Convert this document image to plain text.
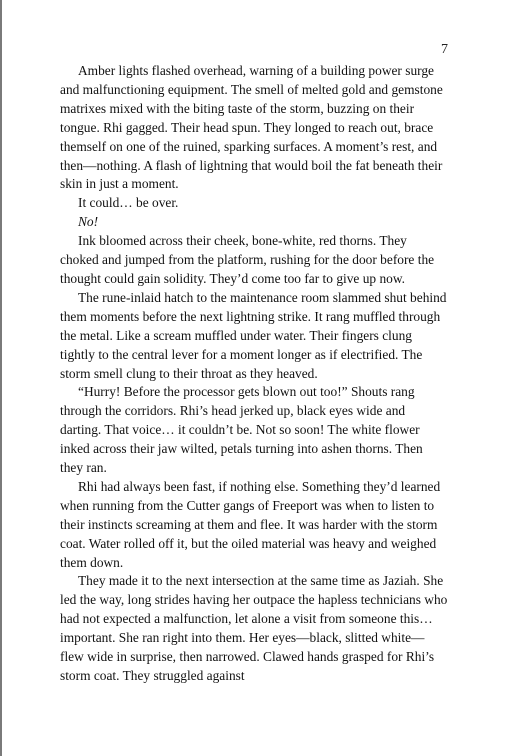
7

Amber lights flashed overhead, warning of a building power surge and malfunctioning equipment. The smell of melted gold and gemstone matrixes mixed with the biting taste of the storm, buzzing on their tongue. Rhi gagged. Their head spun. They longed to reach out, brace themself on one of the ruined, sparking surfaces. A moment’s rest, and then—nothing. A flash of lightning that would boil the fat beneath their skin in just a moment.

It could… be over.

No!

Ink bloomed across their cheek, bone-white, red thorns. They choked and jumped from the platform, rushing for the door before the thought could gain solidity. They’d come too far to give up now.

The rune-inlaid hatch to the maintenance room slammed shut behind them moments before the next lightning strike. It rang muffled through the metal. Like a scream muffled under water. Their fingers clung tightly to the central lever for a moment longer as if electrified. The storm smell clung to their throat as they heaved.

“Hurry! Before the processor gets blown out too!” Shouts rang through the corridors. Rhi’s head jerked up, black eyes wide and darting. That voice… it couldn’t be. Not so soon! The white flower inked across their jaw wilted, petals turning into ashen thorns. Then they ran.

Rhi had always been fast, if nothing else. Something they’d learned when running from the Cutter gangs of Freeport was when to listen to their instincts screaming at them and flee. It was harder with the storm coat. Water rolled off it, but the oiled material was heavy and weighed them down.

They made it to the next intersection at the same time as Jaziah. She led the way, long strides having her outpace the hapless technicians who had not expected a malfunction, let alone a visit from someone this… important. She ran right into them. Her eyes—black, slitted white—flew wide in surprise, then narrowed. Clawed hands grasped for Rhi’s storm coat. They struggled against
